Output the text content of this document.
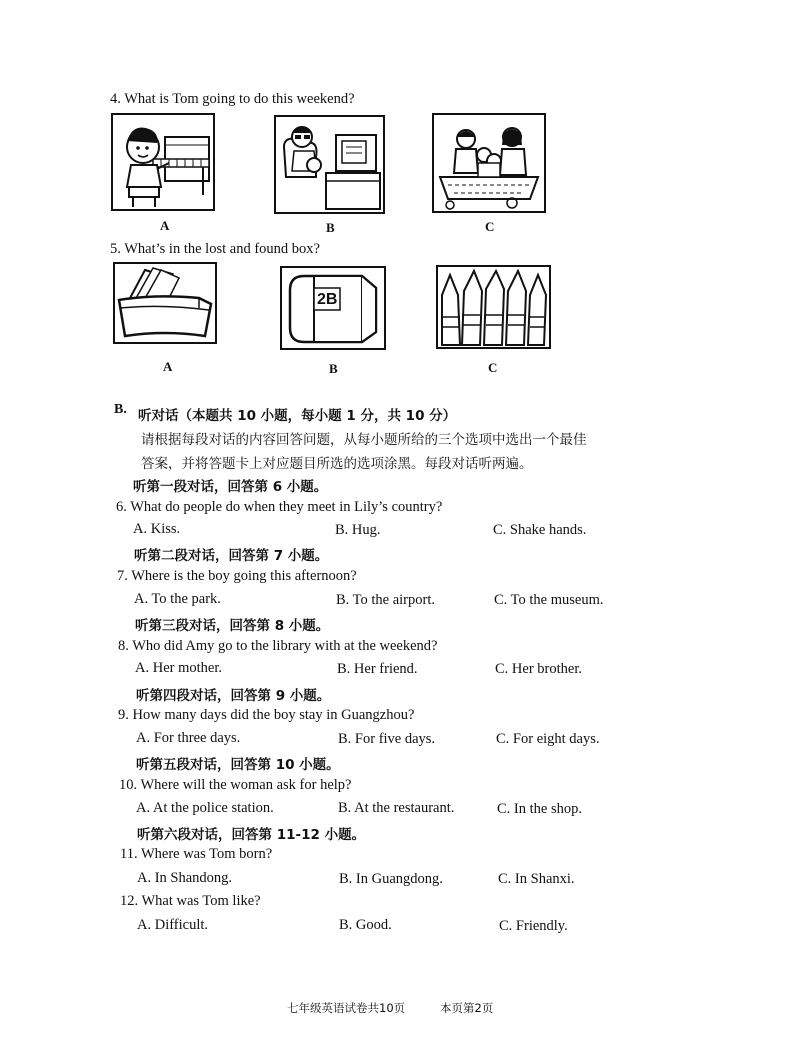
4. What is Tom going to do this weekend?
A	B	C
5. What’s in the lost and found box?
2B
A	B	C
B. 听对话（本题共 10 小题，每小题 1 分，共 10 分）
请根据每段对话的内容回答问题，从每小题所给的三个选项中选出一个最佳
答案，并将答题卡上对应题目所选的选项涂黑。每段对话听两遍。
听第一段对话，回答第 6 小题。
听第二段对话，回答第 7 小题。
听第三段对话，回答第 8 小题。
听第四段对话，回答第 9 小题。
听第五段对话，回答第 10 小题。
听第六段对话，回答第 11-12 小题。
6. What do people do when they meet in Lily’s country?
A. Kiss.	B. Hug.	C. Shake hands.
7. Where is the boy going this afternoon?
A. To the park.	B. To the airport.	C. To the museum.
8. Who did Amy go to the library with at the weekend?
A. Her mother.	B. Her friend.	C. Her brother.
9. How many days did the boy stay in Guangzhou?
A. For three days.	B. For five days.	C. For eight days.
10. Where will the woman ask for help?
A. At the police station.	B. At the restaurant.	C. In the shop.
11. Where was Tom born?
A. In Shandong.	B. In Guangdong.	C. In Shanxi.
12. What was Tom like?
A. Difficult.	B. Good.	C. Friendly.
七年级英语试卷共10页	本页第2页
